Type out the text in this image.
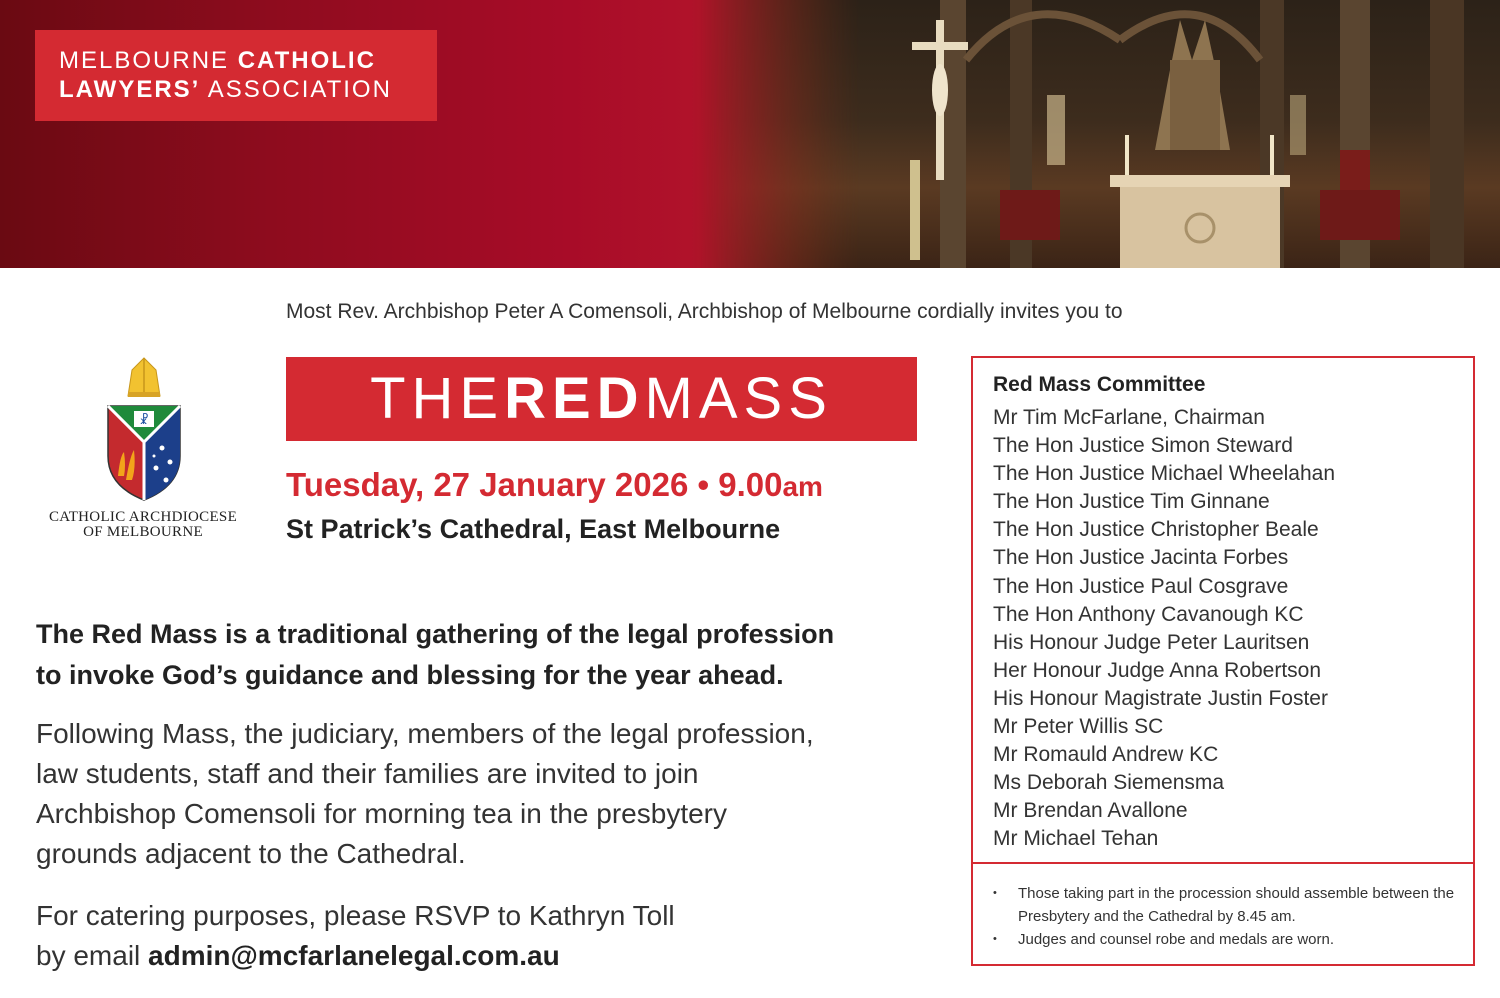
MELBOURNE CATHOLIC
LAWYERS’ ASSOCIATION
Most Rev. Archbishop Peter A Comensoli, Archbishop of Melbourne cordially invites you to
☧
CATHOLIC ARCHDIOCESE
OF MELBOURNE
THEREDMASS
Tuesday, 27 January 2026 • 9.00am
St Patrick’s Cathedral, East Melbourne
The Red Mass is a traditional gathering of the legal profession
to invoke God’s guidance and blessing for the year ahead.
Following Mass, the judiciary, members of the legal profession,
law students, staff and their families are invited to join
Archbishop Comensoli for morning tea in the presbytery
grounds adjacent to the Cathedral.
For catering purposes, please RSVP to Kathryn Toll
by email admin@mcfarlanelegal.com.au
Red Mass Committee
Mr Tim McFarlane, Chairman
The Hon Justice Simon Steward
The Hon Justice Michael Wheelahan
The Hon Justice Tim Ginnane
The Hon Justice Christopher Beale
The Hon Justice Jacinta Forbes
The Hon Justice Paul Cosgrave
The Hon Anthony Cavanough KC
His Honour Judge Peter Lauritsen
Her Honour Judge Anna Robertson
His Honour Magistrate Justin Foster
Mr Peter Willis SC
Mr Romauld Andrew KC
Ms Deborah Siemensma
Mr Brendan Avallone
Mr Michael Tehan
• Those taking part in the procession should assemble between the Presbytery and the Cathedral by 8.45 am.
• Judges and counsel robe and medals are worn.
